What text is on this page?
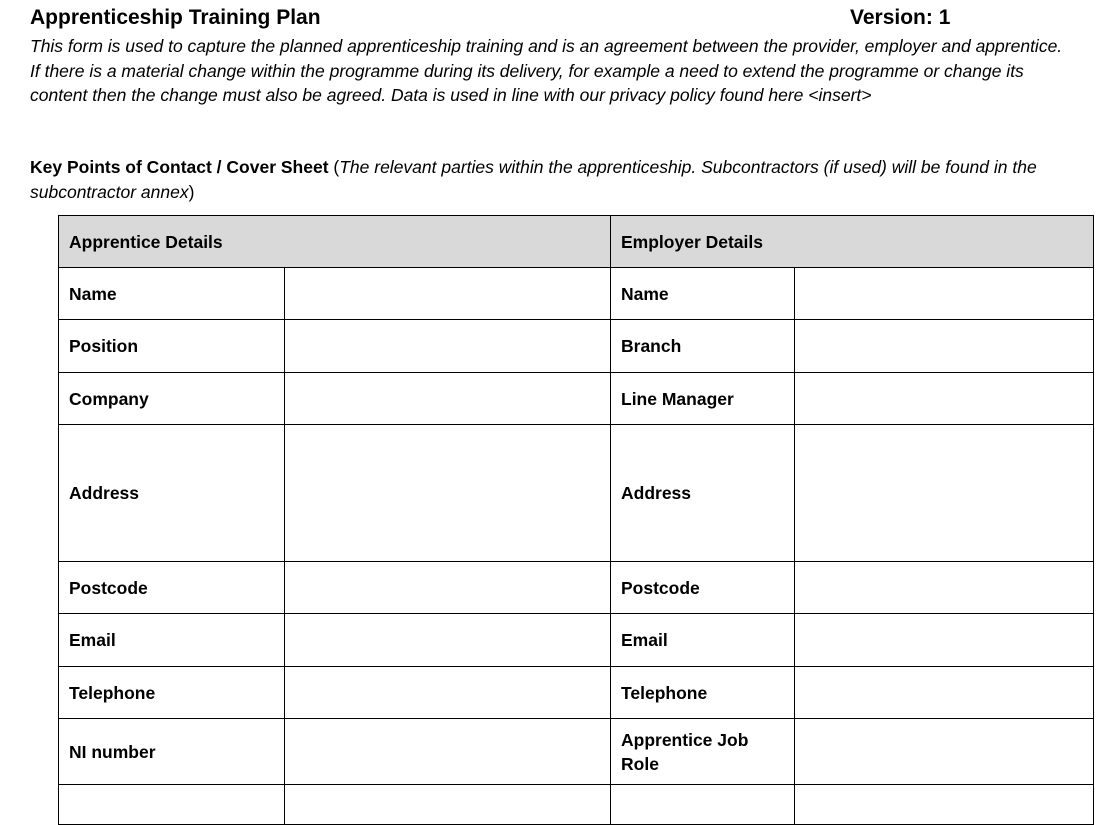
Apprenticeship Training Plan	Version: 1
This form is used to capture the planned apprenticeship training and is an agreement between the provider, employer and apprentice. If there is a material change within the programme during its delivery, for example a need to extend the programme or change its content then the change must also be agreed. Data is used in line with our privacy policy found here <insert>
Key Points of Contact / Cover Sheet (The relevant parties within the apprenticeship. Subcontractors (if used) will be found in the subcontractor annex)
Apprentice Details		Employer Details	
Name		Name	
Position		Branch	
Company		Line Manager	
Address		Address	
Postcode		Postcode	
Email		Email	
Telephone		Telephone	
NI number		Apprentice Job Role	
